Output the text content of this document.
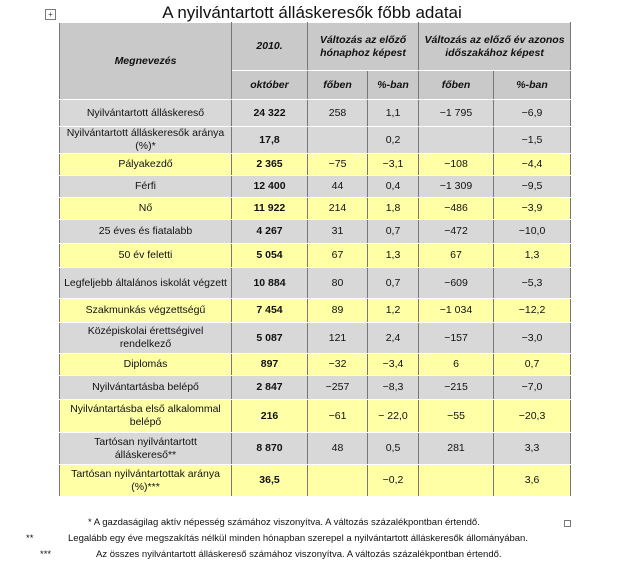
A nyilvántartott álláskeresők főbb adatai
+
Megnevezés	2010.	Változás az előző hónaphoz képest		Változás az előző év azonos időszakához képest	
	október	főben	%-ban	főben	%-ban
Nyilvántartott álláskereső	24 322	258	1,1	−1 795	−6,9
Nyilvántartott álláskeresők aránya (%)*	17,8		0,2		−1,5
Pályakezdő	2 365	−75	−3,1	−108	−4,4
Férfi	12 400	44	0,4	−1 309	−9,5
Nő	11 922	214	1,8	−486	−3,9
25 éves és fiatalabb	4 267	31	0,7	−472	−10,0
50 év feletti	5 054	67	1,3	67	1,3
Legfeljebb általános iskolát végzett	10 884	80	0,7	−609	−5,3
Szakmunkás végzettségű	7 454	89	1,2	−1 034	−12,2
Középiskolai érettségivel rendelkező	5 087	121	2,4	−157	−3,0
Diplomás	897	−32	−3,4	6	0,7
Nyilvántartásba belépő	2 847	−257	−8,3	−215	−7,0
Nyilvántartásba első alkalommal belépő	216	−61	− 22,0	−55	−20,3
Tartósan nyilvántartott álláskereső**	8 870	48	0,5	281	3,3
Tartósan nyilvántartottak aránya (%)***	36,5		−0,2		3,6
* A gazdaságilag aktív népesség számához viszonyítva. A változás százalékpontban értendő.
**	Legalább egy éve megszakítás nélkül minden hónapban szerepel a nyilvántartott álláskeresők állományában.
***	Az összes nyilvántartott álláskereső számához viszonyítva. A változás százalékpontban értendő.
